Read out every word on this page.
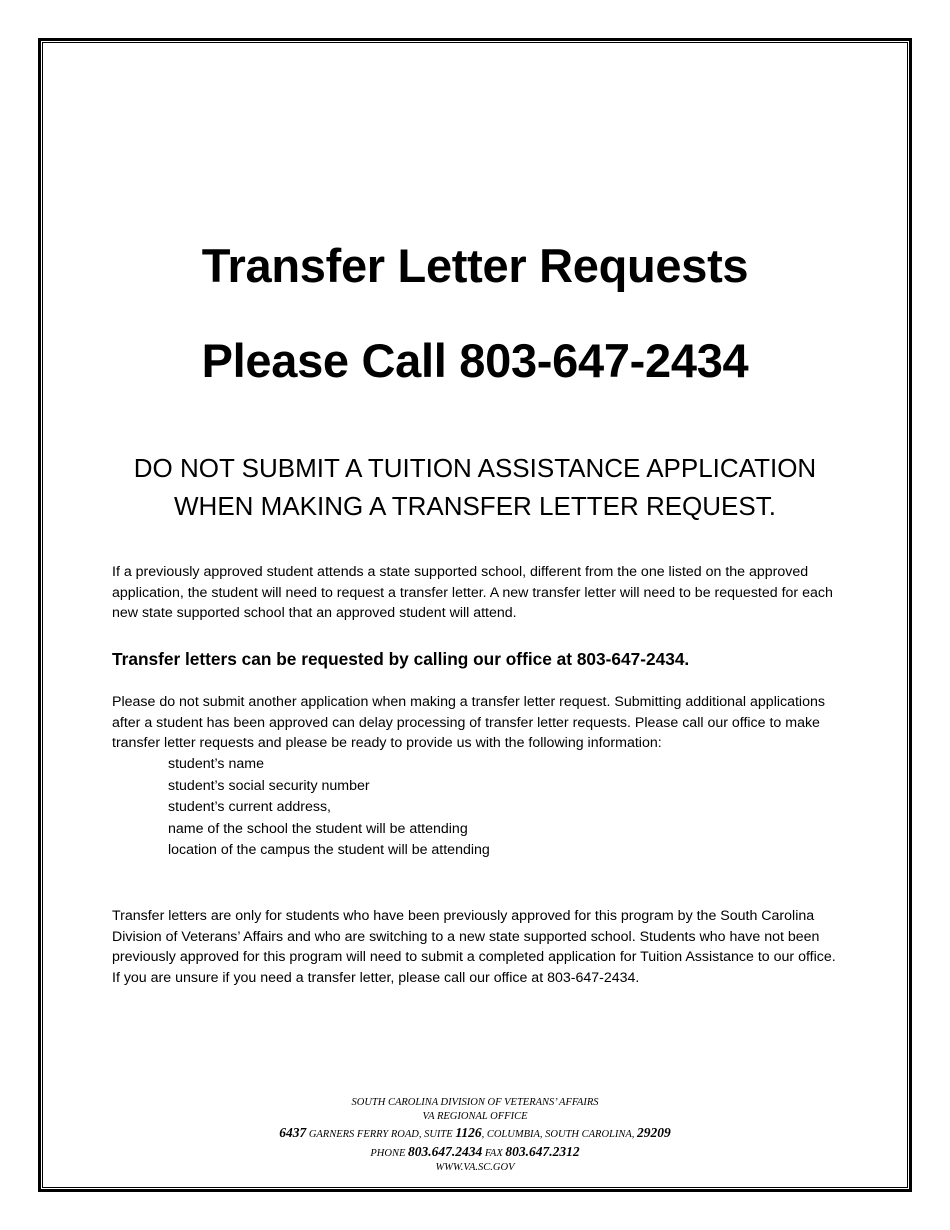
Transfer Letter Requests
Please Call 803-647-2434
DO NOT SUBMIT A TUITION ASSISTANCE APPLICATION
WHEN MAKING A TRANSFER LETTER REQUEST.
If a previously approved student attends a state supported school, different from the one listed on the approved application, the student will need to request a transfer letter. A new transfer letter will need to be requested for each new state supported school that an approved student will attend.
Transfer letters can be requested by calling our office at 803-647-2434.
Please do not submit another application when making a transfer letter request. Submitting additional applications after a student has been approved can delay processing of transfer letter requests. Please call our office to make transfer letter requests and please be ready to provide us with the following information:
student’s name
student’s social security number
student’s current address,
name of the school the student will be attending
location of the campus the student will be attending
Transfer letters are only for students who have been previously approved for this program by the South Carolina Division of Veterans’ Affairs and who are switching to a new state supported school. Students who have not been previously approved for this program will need to submit a completed application for Tuition Assistance to our office. If you are unsure if you need a transfer letter, please call our office at 803-647-2434.
SOUTH CAROLINA DIVISION OF VETERANS’ AFFAIRS
VA REGIONAL OFFICE
6437 GARNERS FERRY ROAD, SUITE 1126, COLUMBIA, SOUTH CAROLINA, 29209
PHONE 803.647.2434 FAX 803.647.2312
WWW.VA.SC.GOV
